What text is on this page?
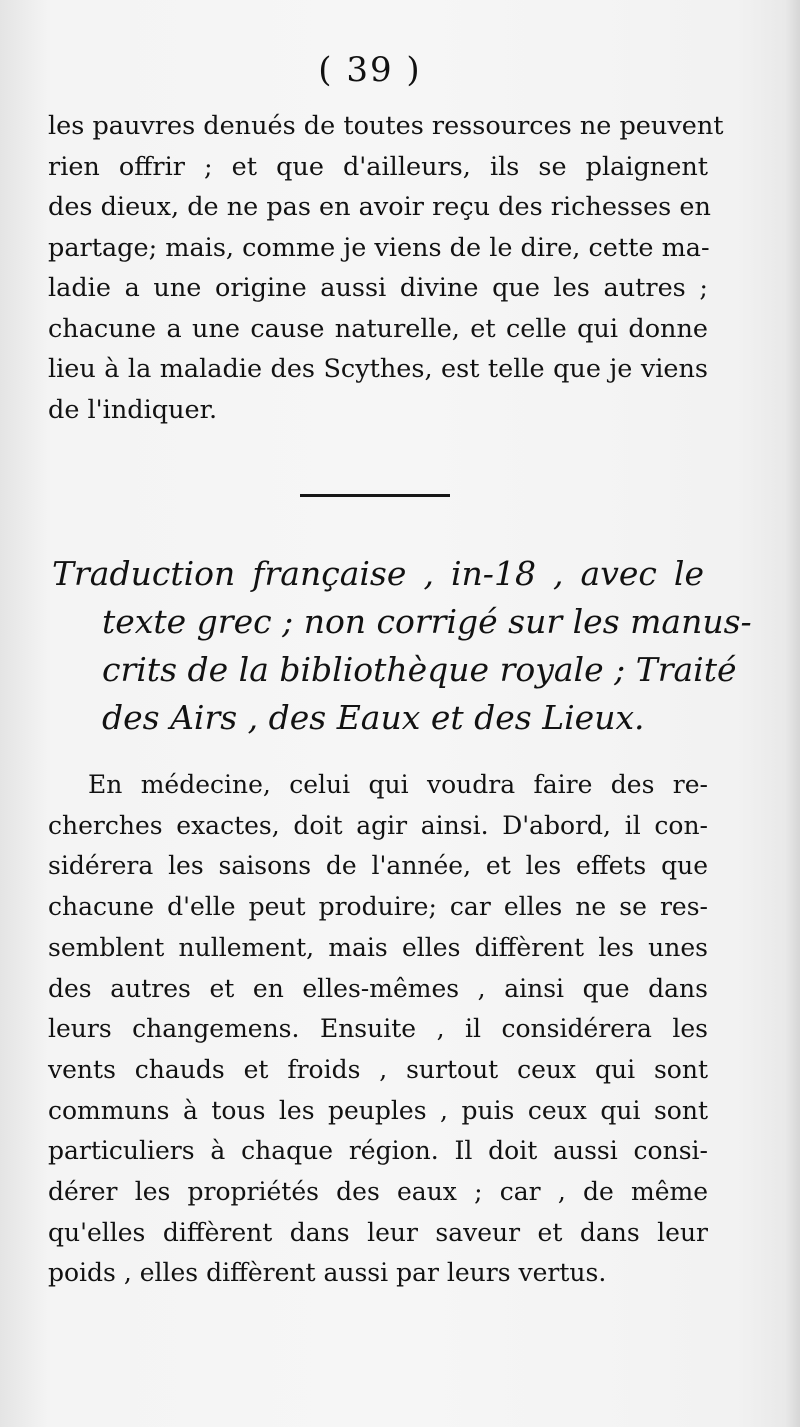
( 39 )
les pauvres denués de toutes ressources ne peuvent
rien offrir ; et que d'ailleurs, ils se plaignent
des dieux, de ne pas en avoir reçu des richesses en
partage; mais, comme je viens de le dire, cette ma-
ladie a une origine aussi divine que les autres ;
chacune a une cause naturelle, et celle qui donne
lieu à la maladie des Scythes, est telle que je viens
de l'indiquer.
Traduction française , in-18 , avec le
texte grec ; non corrigé sur les manus-
crits de la bibliothèque royale ; Traité
des Airs , des Eaux et des Lieux.
En médecine, celui qui voudra faire des re-
cherches exactes, doit agir ainsi. D'abord, il con-
sidérera les saisons de l'année, et les effets que
chacune d'elle peut produire; car elles ne se res-
semblent nullement, mais elles diffèrent les unes
des autres et en elles-mêmes , ainsi que dans
leurs changemens. Ensuite , il considérera les
vents chauds et froids , surtout ceux qui sont
communs à tous les peuples , puis ceux qui sont
particuliers à chaque région. Il doit aussi consi-
dérer les propriétés des eaux ; car , de même
qu'elles diffèrent dans leur saveur et dans leur
poids , elles diffèrent aussi par leurs vertus.
